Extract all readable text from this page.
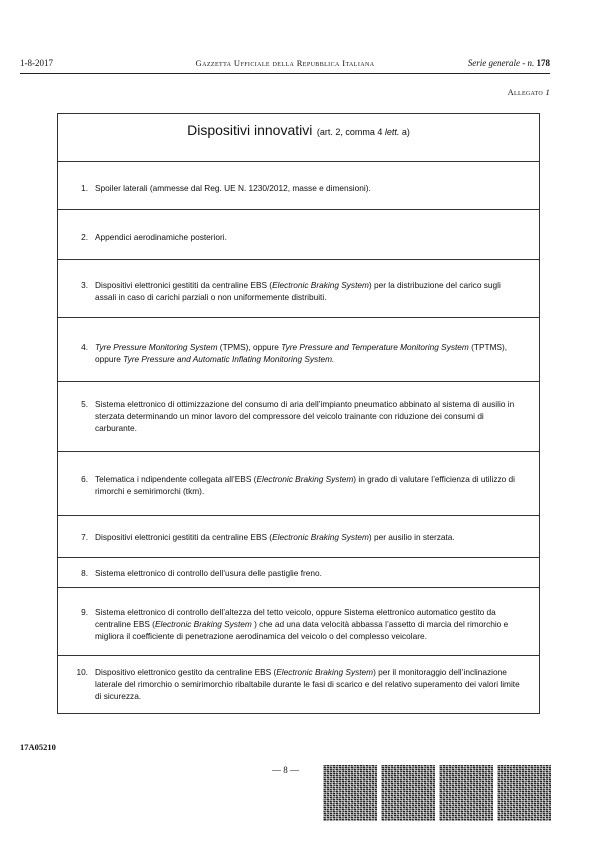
1-8-2017	Gazzetta Ufficiale della Repubblica Italiana	Serie generale - n. 178
Allegato 1
Dispositivi innovativi (art. 2, comma 4 lett. a)
1. Spoiler laterali (ammesse dal Reg. UE N. 1230/2012, masse e dimensioni).
2. Appendici aerodinamiche posteriori.
3. Dispositivi elettronici gestititi da centraline EBS (Electronic Braking System) per la distribuzione del carico sugli assali in caso di carichi parziali o non uniformemente distribuiti.
4. Tyre Pressure Monitoring System (TPMS), oppure Tyre Pressure and Temperature Monitoring System (TPTMS), oppure Tyre Pressure and Automatic Inflating Monitoring System.
5. Sistema elettronico di ottimizzazione del consumo di aria dell’impianto pneumatico abbinato al sistema di ausilio in sterzata determinando un minor lavoro del compressore del veicolo trainante con riduzione dei consumi di carburante.
6. Telematica i ndipendente collegata all’EBS (Electronic Braking System) in grado di valutare l’efficienza di utilizzo di rimorchi e semirimorchi (tkm).
7. Dispositivi elettronici gestititi da centraline EBS (Electronic Braking System) per ausilio in sterzata.
8. Sistema elettronico di controllo dell’usura delle pastiglie freno.
9. Sistema elettronico di controllo dell’altezza del tetto veicolo, oppure Sistema elettronico automatico gestito da centraline EBS (Electronic Braking System ) che ad una data velocità abbassa l’assetto di marcia del rimorchio e migliora il coefficiente di penetrazione aerodinamica del veicolo o del complesso veicolare.
10. Dispositivo elettronico gestito da centraline EBS (Electronic Braking System) per il monitoraggio dell’inclinazione laterale del rimorchio o semirimorchio ribaltabile durante le fasi di scarico e del relativo superamento dei valori limite di sicurezza.
17A05210
— 8 —
